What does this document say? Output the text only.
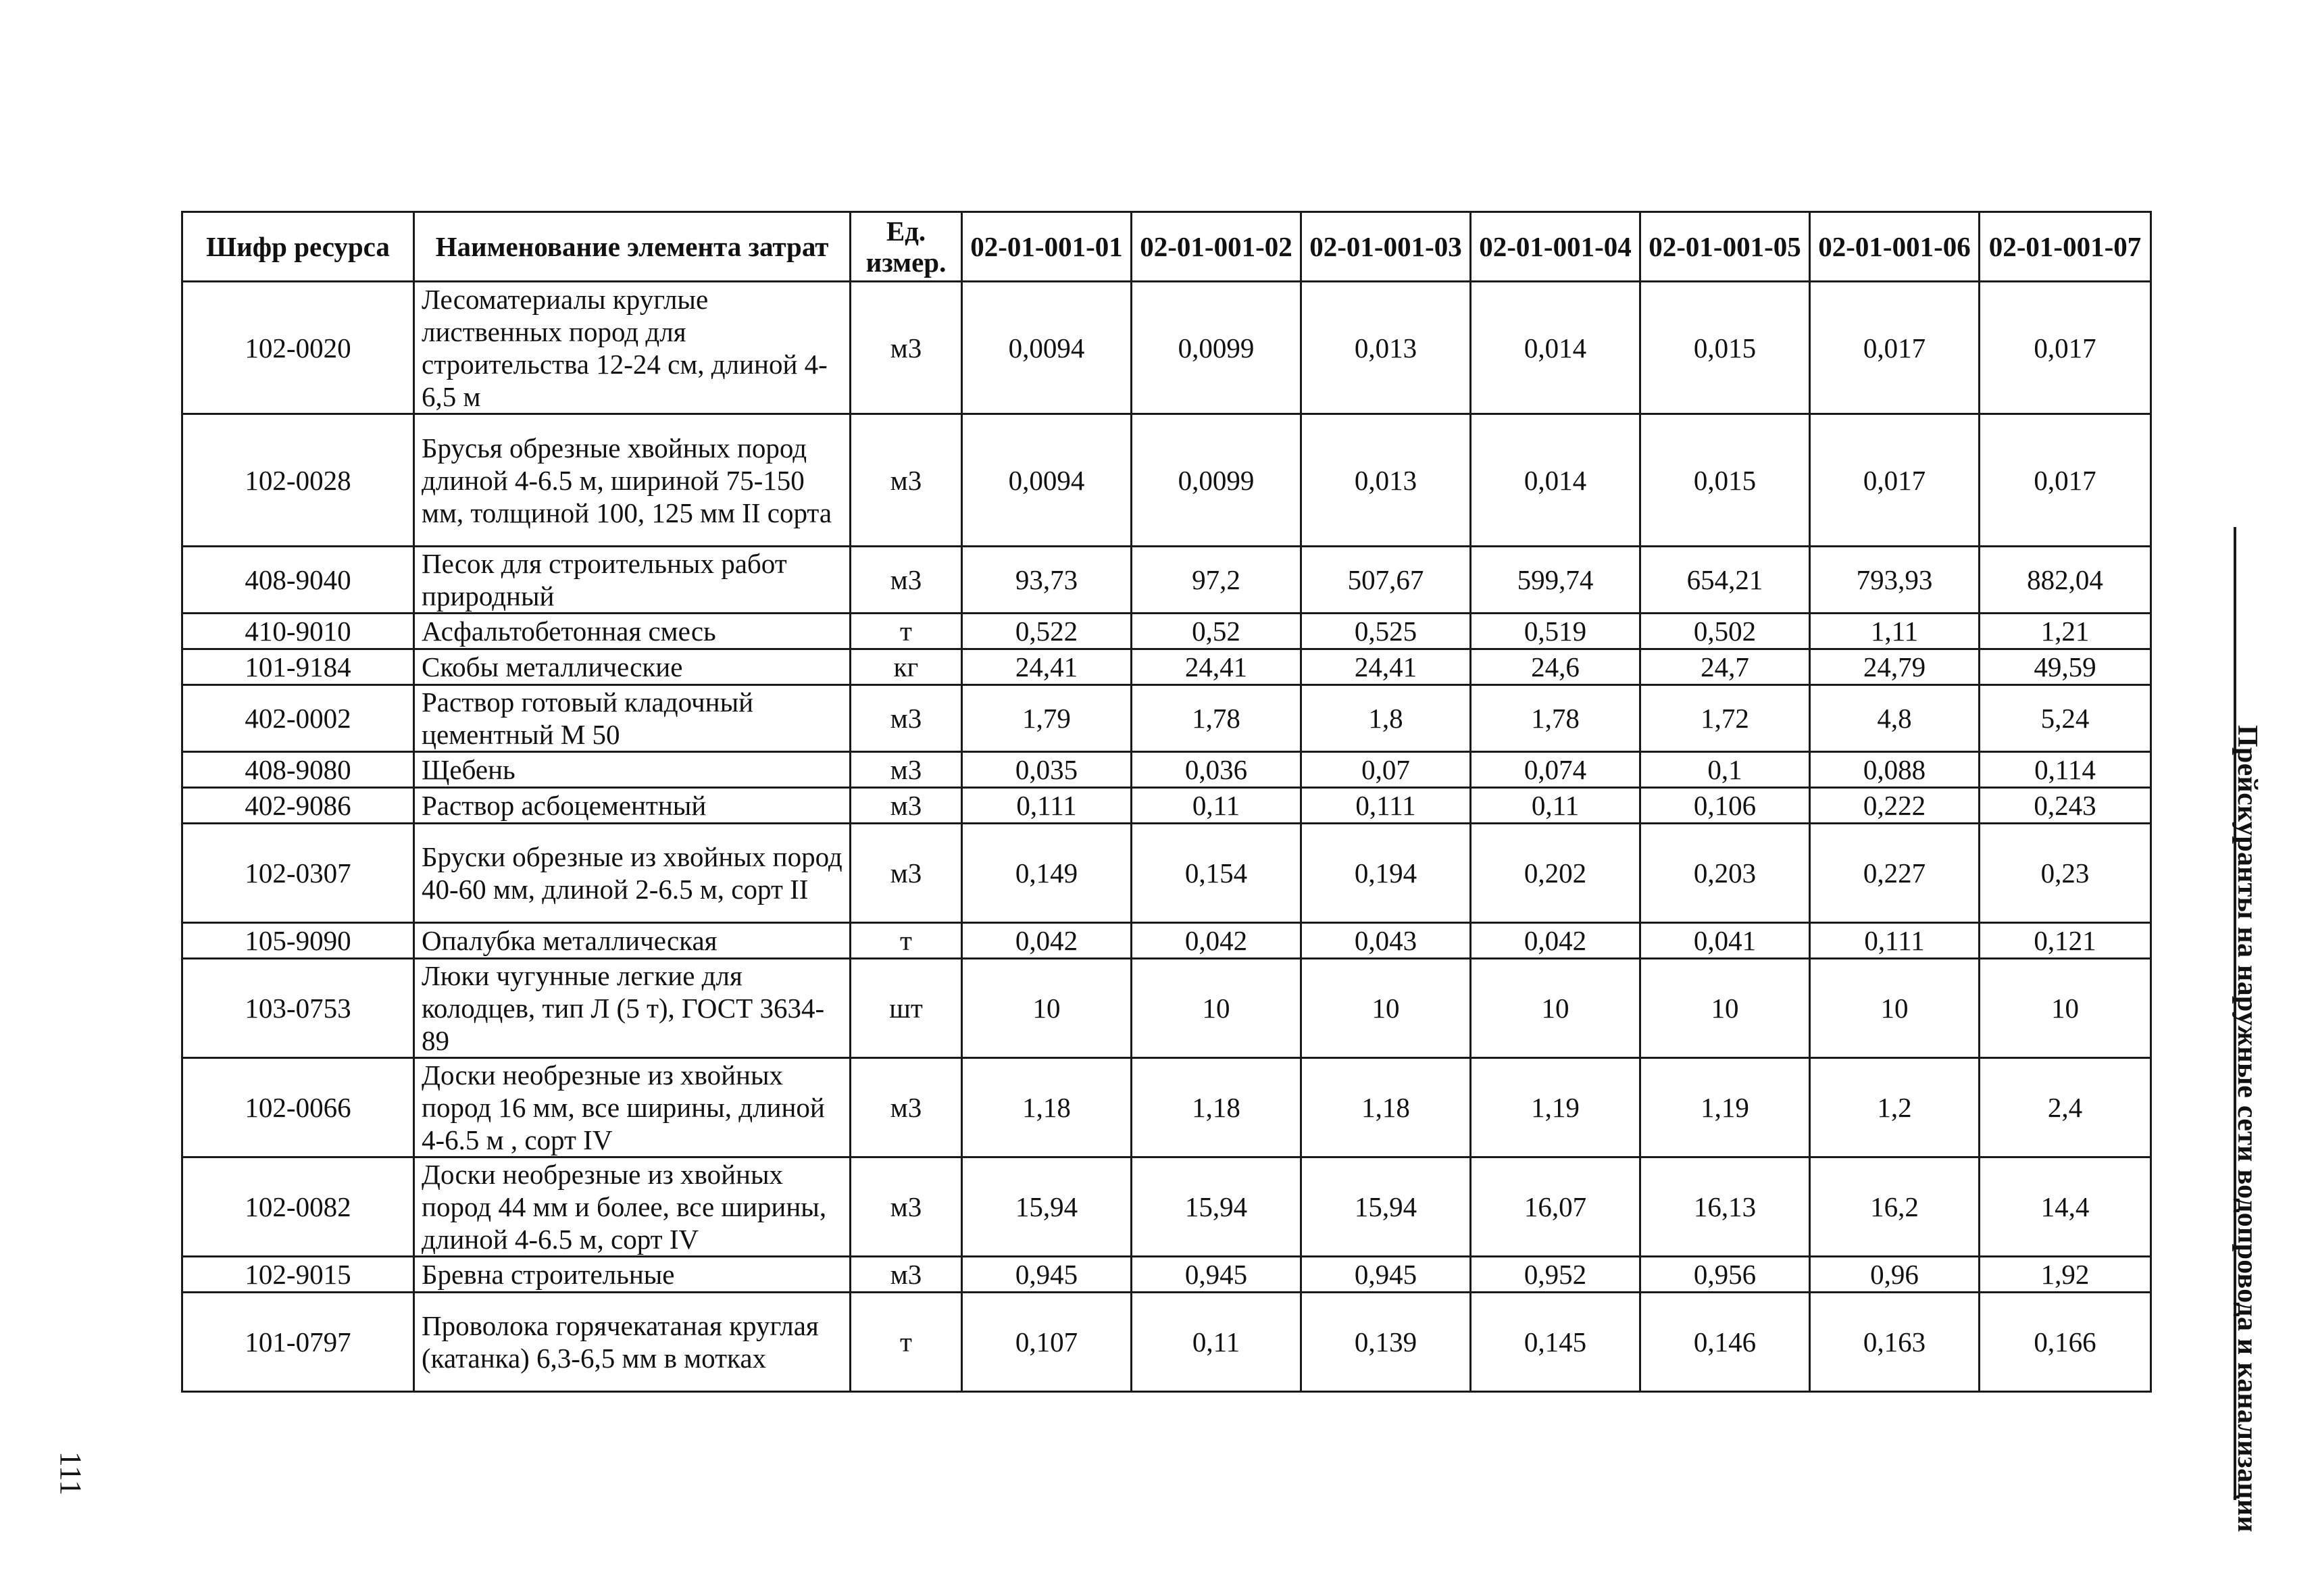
Шифр ресурса	Наименование элемента затрат	Ед. измер.	02-01-001-01	02-01-001-02	02-01-001-03	02-01-001-04	02-01-001-05	02-01-001-06	02-01-001-07
102-0020	Лесоматериалы круглые лиственных пород для строительства 12-24 см, длиной 4-6,5 м	м3	0,0094	0,0099	0,013	0,014	0,015	0,017	0,017
102-0028	Брусья обрезные хвойных пород длиной 4-6.5 м, шириной 75-150 мм, толщиной 100, 125 мм II сорта	м3	0,0094	0,0099	0,013	0,014	0,015	0,017	0,017
408-9040	Песок для строительных работ природный	м3	93,73	97,2	507,67	599,74	654,21	793,93	882,04
410-9010	Асфальтобетонная смесь	т	0,522	0,52	0,525	0,519	0,502	1,11	1,21
101-9184	Скобы металлические	кг	24,41	24,41	24,41	24,6	24,7	24,79	49,59
402-0002	Раствор готовый кладочный цементный М 50	м3	1,79	1,78	1,8	1,78	1,72	4,8	5,24
408-9080	Щебень	м3	0,035	0,036	0,07	0,074	0,1	0,088	0,114
402-9086	Раствор асбоцементный	м3	0,111	0,11	0,111	0,11	0,106	0,222	0,243
102-0307	Бруски обрезные из хвойных пород 40-60 мм, длиной 2-6.5 м, сорт II	м3	0,149	0,154	0,194	0,202	0,203	0,227	0,23
105-9090	Опалубка металлическая	т	0,042	0,042	0,043	0,042	0,041	0,111	0,121
103-0753	Люки чугунные легкие для колодцев, тип Л (5 т), ГОСТ 3634-89	шт	10	10	10	10	10	10	10
102-0066	Доски необрезные из хвойных пород 16 мм, все ширины, длиной 4-6.5 м , сорт IV	м3	1,18	1,18	1,18	1,19	1,19	1,2	2,4
102-0082	Доски необрезные из хвойных пород 44 мм и более, все ширины, длиной 4-6.5 м, сорт IV	м3	15,94	15,94	15,94	16,07	16,13	16,2	14,4
102-9015	Бревна строительные	м3	0,945	0,945	0,945	0,952	0,956	0,96	1,92
101-0797	Проволока горячекатаная круглая (катанка) 6,3-6,5 мм в мотках	т	0,107	0,11	0,139	0,145	0,146	0,163	0,166	Прейскуранты на наружные сети водопровода и канализации
111
